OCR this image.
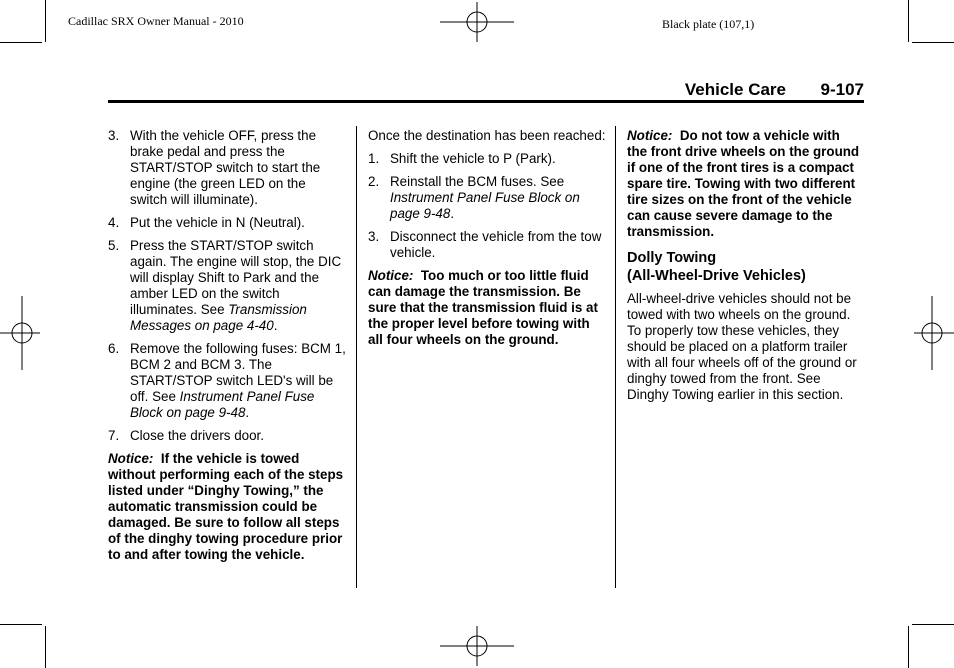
Cadillac SRX Owner Manual - 2010	Black plate (107,1)
Vehicle Care 9-107
3. With the vehicle OFF, press the brake pedal and press the START/STOP switch to start the engine (the green LED on the switch will illuminate).
4. Put the vehicle in N (Neutral).
5. Press the START/STOP switch again. The engine will stop, the DIC will display Shift to Park and the amber LED on the switch illuminates. See Transmission Messages on page 4-40.
6. Remove the following fuses: BCM 1, BCM 2 and BCM 3. The START/STOP switch LED's will be off. See Instrument Panel Fuse Block on page 9-48.
7. Close the drivers door.

Notice: If the vehicle is towed without performing each of the steps listed under “Dinghy Towing,” the automatic transmission could be damaged. Be sure to follow all steps of the dinghy towing procedure prior to and after towing the vehicle.

Once the destination has been reached:

1. Shift the vehicle to P (Park).
2. Reinstall the BCM fuses. See Instrument Panel Fuse Block on page 9-48.
3. Disconnect the vehicle from the tow vehicle.

Notice: Too much or too little fluid can damage the transmission. Be sure that the transmission fluid is at the proper level before towing with all four wheels on the ground.

Notice: Do not tow a vehicle with the front drive wheels on the ground if one of the front tires is a compact spare tire. Towing with two different tire sizes on the front of the vehicle can cause severe damage to the transmission.

Dolly Towing
(All-Wheel-Drive Vehicles)

All-wheel-drive vehicles should not be towed with two wheels on the ground. To properly tow these vehicles, they should be placed on a platform trailer with all four wheels off of the ground or dinghy towed from the front. See Dinghy Towing earlier in this section.
